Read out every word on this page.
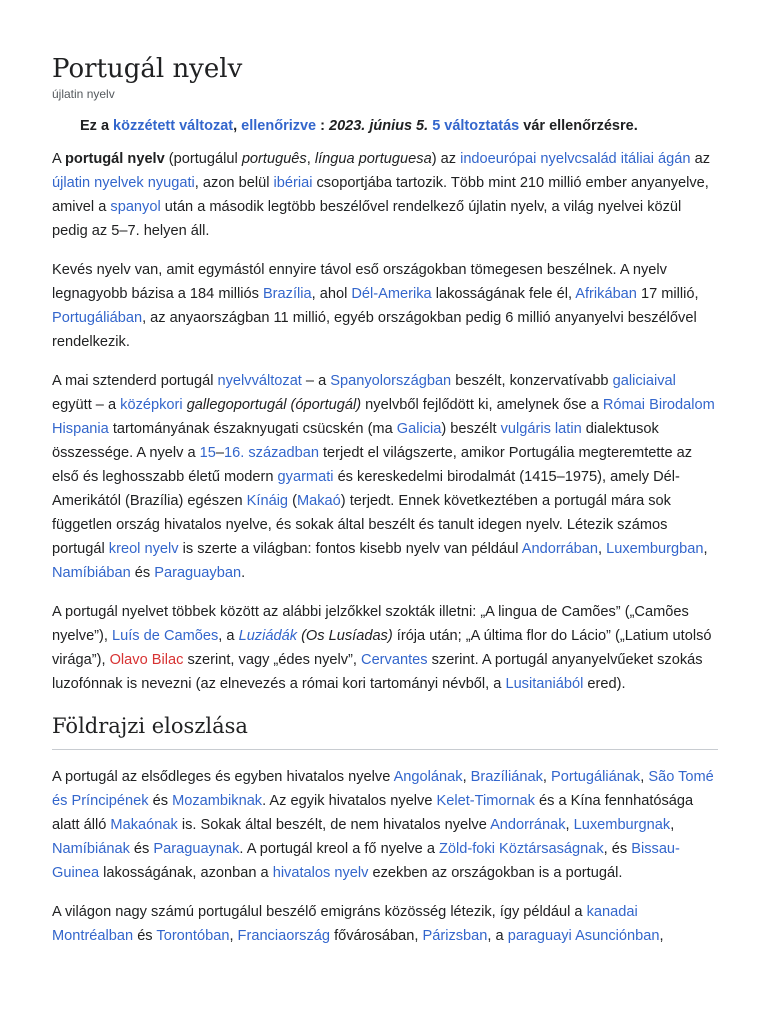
Portugál nyelv
újlatin nyelv
Ez a közzétett változat, ellenőrizve : 2023. június 5. 5 változtatás vár ellenőrzésre.

A portugál nyelv (portugálul português, língua portuguesa) az indoeurópai nyelvcsalád itáliai ágán az újlatin nyelvek nyugati, azon belül ibériai csoportjába tartozik. Több mint 210 millió ember anyanyelve, amivel a spanyol után a második legtöbb beszélővel rendelkező újlatin nyelv, a világ nyelvei közül pedig az 5–7. helyen áll.

Kevés nyelv van, amit egymástól ennyire távol eső országokban tömegesen beszélnek. A nyelv legnagyobb bázisa a 184 milliós Brazília, ahol Dél-Amerika lakosságának fele él, Afrikában 17 millió, Portugáliában, az anyaországban 11 millió, egyéb országokban pedig 6 millió anyanyelvi beszélővel rendelkezik.

A mai sztenderd portugál nyelvváltozat – a Spanyolországban beszélt, konzervatívabb galiciaival együtt – a középkori gallegoportugál (óportugál) nyelvből fejlődött ki, amelynek őse a Római Birodalom Hispania tartományának északnyugati csücskén (ma Galicia) beszélt vulgáris latin dialektusok összessége. A nyelv a 15–16. században terjedt el világszerte, amikor Portugália megteremtette az első és leghosszabb életű modern gyarmati és kereskedelmi birodalmát (1415–1975), amely Dél-Amerikától (Brazília) egészen Kínáig (Makaó) terjedt. Ennek következtében a portugál mára sok független ország hivatalos nyelve, és sokak által beszélt és tanult idegen nyelv. Létezik számos portugál kreol nyelv is szerte a világban: fontos kisebb nyelv van például Andorrában, Luxemburgban, Namíbiában és Paraguayban.

A portugál nyelvet többek között az alábbi jelzőkkel szokták illetni: „A lingua de Camões” („Camões nyelve”), Luís de Camões, a Luziádák (Os Lusíadas) írója után; „A última flor do Lácio” („Latium utolsó virága”), Olavo Bilac szerint, vagy „édes nyelv”, Cervantes szerint. A portugál anyanyelvűeket szokás luzofónnak is nevezni (az elnevezés a római kori tartományi névből, a Lusitaniából ered).

Földrajzi eloszlása

A portugál az elsődleges és egyben hivatalos nyelve Angolának, Brazíliának, Portugáliának, São Tomé és Príncipének és Mozambiknak. Az egyik hivatalos nyelve Kelet-Timornak és a Kína fennhatósága alatt álló Makaónak is. Sokak által beszélt, de nem hivatalos nyelve Andorrának, Luxemburgnak, Namíbiának és Paraguaynak. A portugál kreol a fő nyelve a Zöld-foki Köztársaságnak, és Bissau-Guinea lakosságának, azonban a hivatalos nyelv ezekben az országokban is a portugál.

A világon nagy számú portugálul beszélő emigráns közösség létezik, így például a kanadai Montréalban és Torontóban, Franciaország fővárosában, Párizsban, a paraguayi Asunciónban,
